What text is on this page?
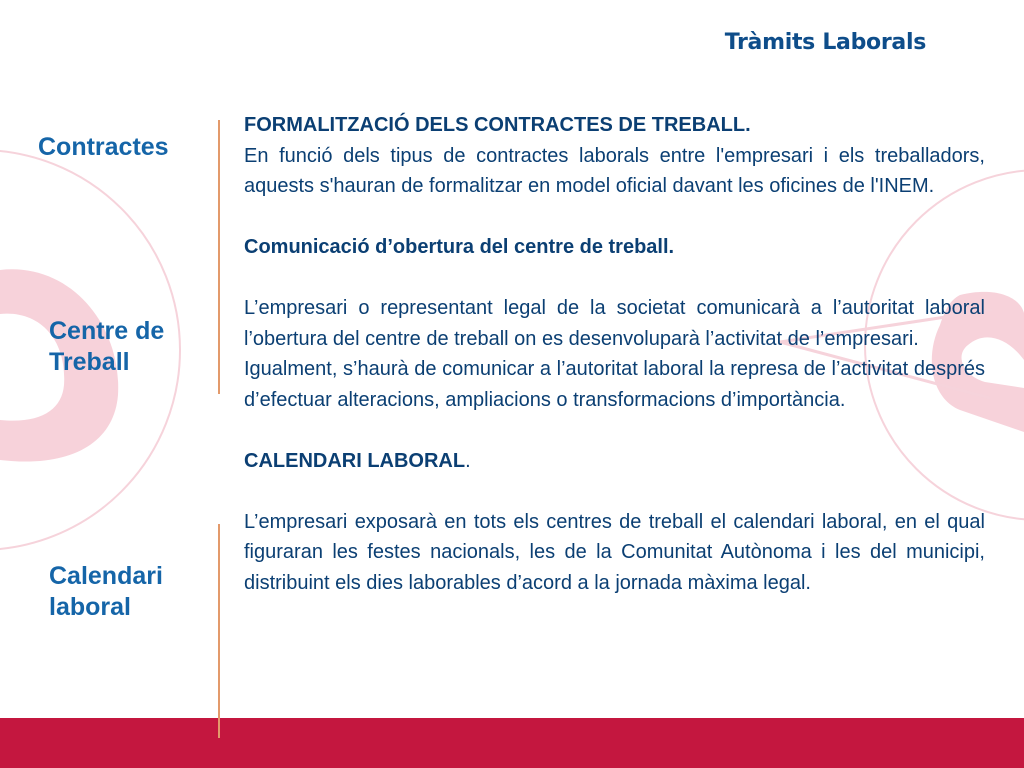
Tràmits Laborals
Contractes
Centre de
Treball
Calendari
laboral

FORMALITZACIÓ DELS CONTRACTES DE TREBALL.

En funció dels tipus de contractes laborals entre l'empresari i els treballadors, aquests s'hauran de formalitzar en model oficial davant les oficines de l'INEM.

Comunicació d’obertura del centre de treball.

L’empresari o representant legal de la societat comunicarà a l’autoritat laboral l’obertura del centre de treball on es desenvoluparà l’activitat de l’empresari.

Igualment, s’haurà de comunicar a l’autoritat laboral la represa de l’activitat després d’efectuar alteracions, ampliacions o transformacions d’importància.

CALENDARI LABORAL.

L’empresari exposarà en tots els centres de treball el calendari laboral, en el qual figuraran les festes nacionals, les de la Comunitat Autònoma i les del municipi, distribuint els dies laborables d’acord a la jornada màxima legal.
